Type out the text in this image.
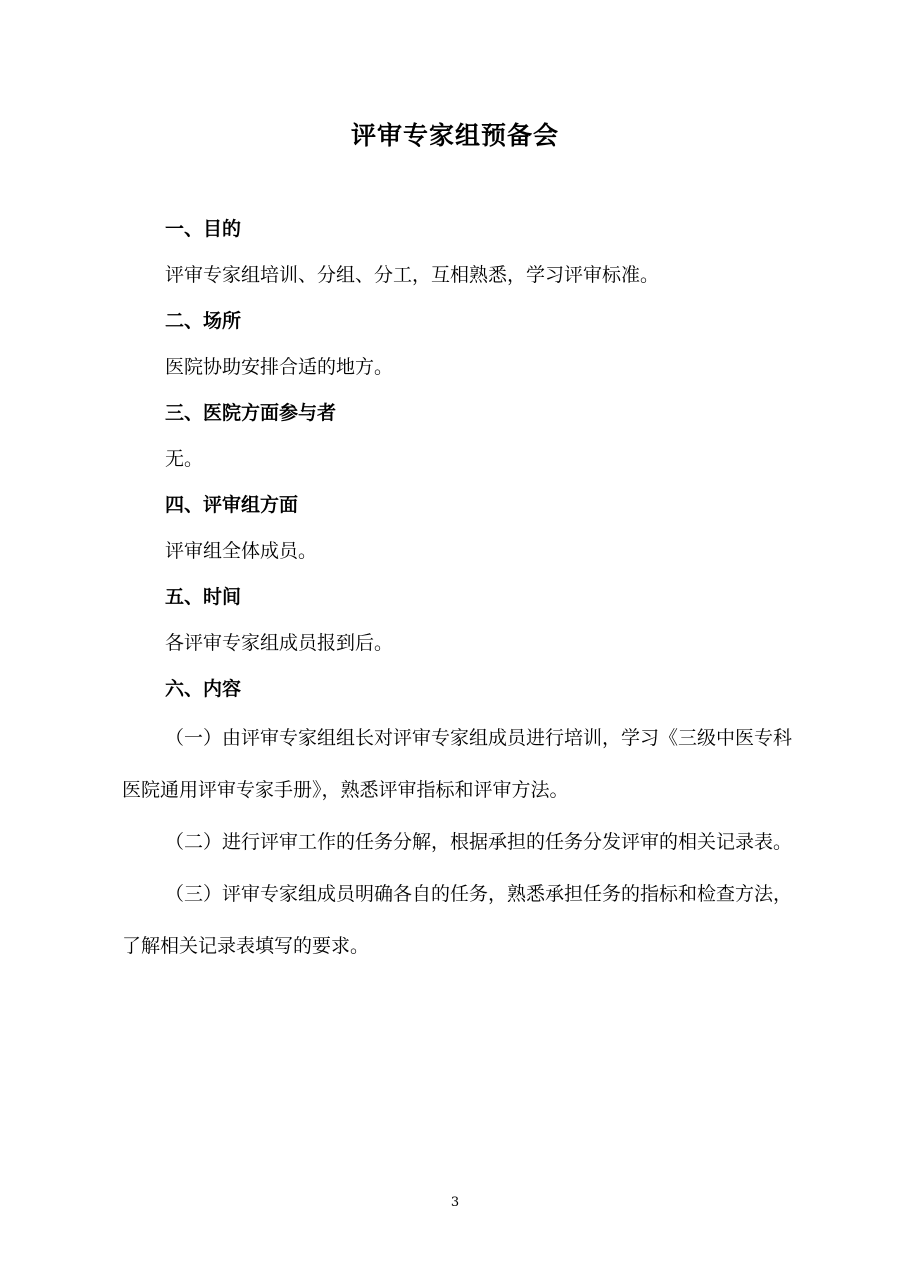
评审专家组预备会

一、目的

评审专家组培训、分组、分工，互相熟悉，学习评审标准。

二、场所

医院协助安排合适的地方。

三、医院方面参与者

无。

四、评审组方面

评审组全体成员。

五、时间

各评审专家组成员报到后。

六、内容

（一）由评审专家组组长对评审专家组成员进行培训，学习《三级中医专科医院通用评审专家手册》，熟悉评审指标和评审方法。

（二）进行评审工作的任务分解，根据承担的任务分发评审的相关记录表。

（三）评审专家组成员明确各自的任务，熟悉承担任务的指标和检查方法，了解相关记录表填写的要求。

3
